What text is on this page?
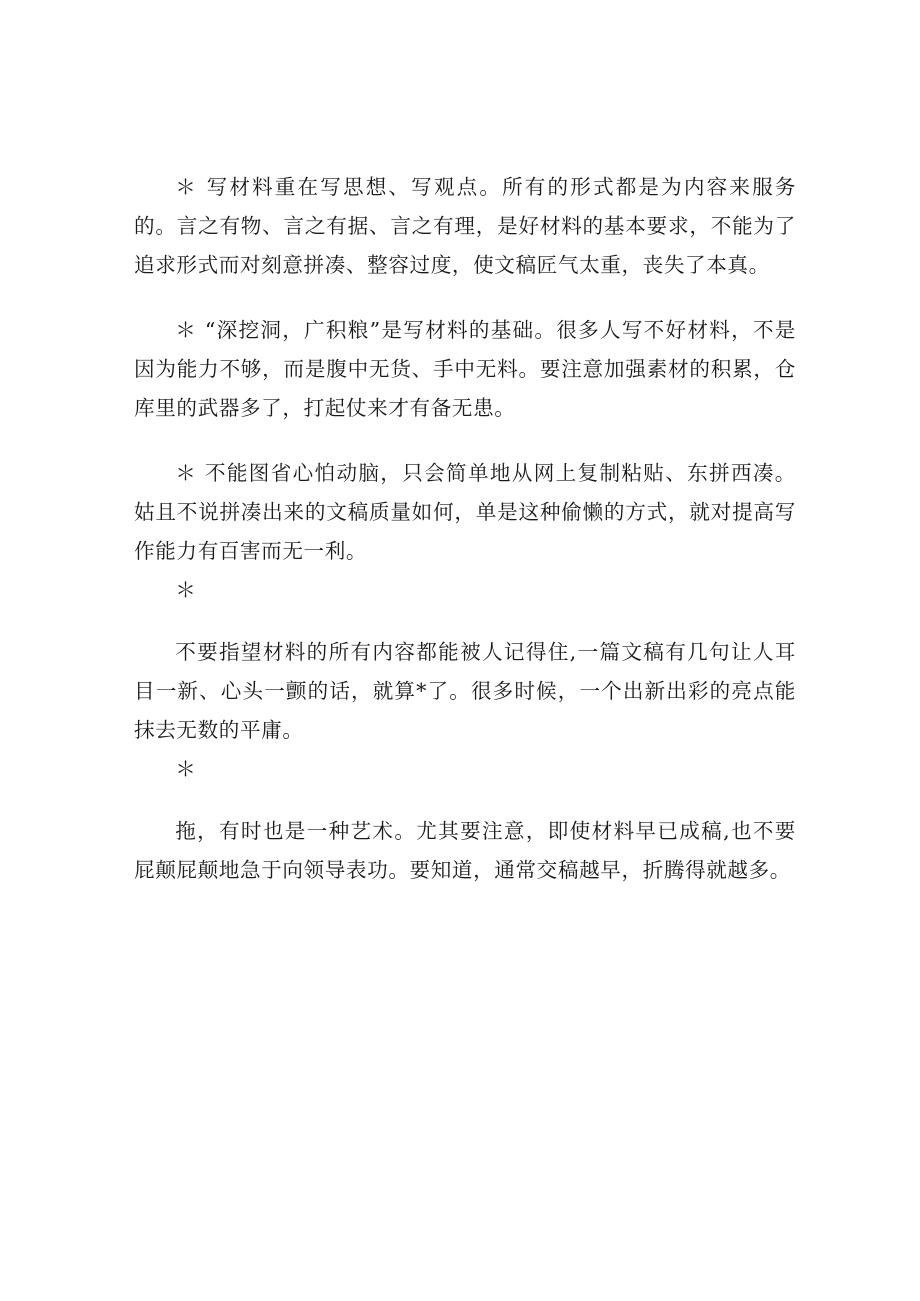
＊ 写材料重在写思想、写观点。所有的形式都是为内容来服务的。言之有物、言之有据、言之有理，是好材料的基本要求，不能为了追求形式而对刻意拼凑、整容过度，使文稿匠气太重，丧失了本真。

＊ “深挖洞，广积粮”是写材料的基础。很多人写不好材料，不是因为能力不够，而是腹中无货、手中无料。要注意加强素材的积累，仓库里的武器多了，打起仗来才有备无患。

＊ 不能图省心怕动脑，只会简单地从网上复制粘贴、东拼西凑。姑且不说拼凑出来的文稿质量如何，单是这种偷懒的方式，就对提高写作能力有百害而无一利。

＊

不要指望材料的所有内容都能被人记得住,一篇文稿有几句让人耳目一新、心头一颤的话，就算*了。很多时候，一个出新出彩的亮点能抹去无数的平庸。

＊

拖，有时也是一种艺术。尤其要注意，即使材料早已成稿,也不要屁颠屁颠地急于向领导表功。要知道，通常交稿越早，折腾得就越多。
